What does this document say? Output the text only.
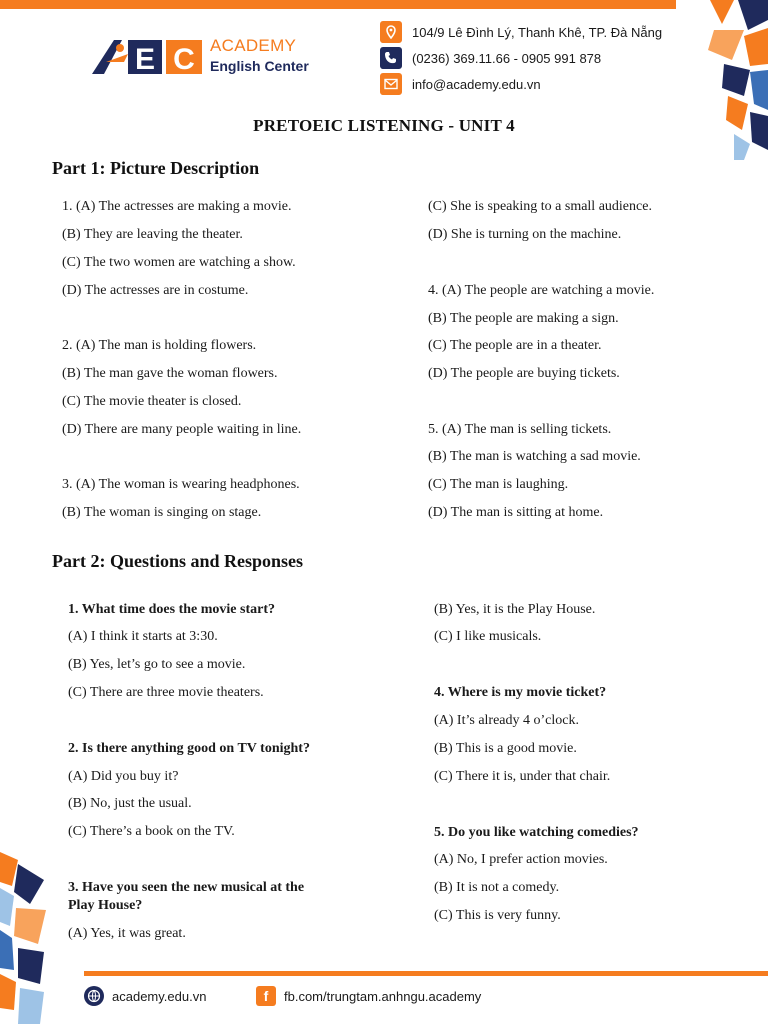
E C ACADEMY
English Center
104/9 Lê Đình Lý, Thanh Khê, TP. Đà Nẵng
(0236) 369.11.66 - 0905 991 878
info@academy.edu.vn
PRETOEIC LISTENING - UNIT 4
Part 1: Picture Description
1. (A) The actresses are making a movie.
(B) They are leaving the theater.
(C) The two women are watching a show.
(D) The actresses are in costume.
2. (A) The man is holding flowers.
(B) The man gave the woman flowers.
(C) The movie theater is closed.
(D) There are many people waiting in line.
3. (A) The woman is wearing headphones.
(B) The woman is singing on stage.
(C) She is speaking to a small audience.
(D) She is turning on the machine.
4. (A) The people are watching a movie.
(B) The people are making a sign.
(C) The people are in a theater.
(D) The people are buying tickets.
5. (A) The man is selling tickets.
(B) The man is watching a sad movie.
(C) The man is laughing.
(D) The man is sitting at home.
Part 2: Questions and Responses
1. What time does the movie start?
(A) I think it starts at 3:30.
(B) Yes, let’s go to see a movie.
(C) There are three movie theaters.
2. Is there anything good on TV tonight?
(A) Did you buy it?
(B) No, just the usual.
(C) There’s a book on the TV.
3. Have you seen the new musical at the
Play House?
(A) Yes, it was great.
(B) Yes, it is the Play House.
(C) I like musicals.
4. Where is my movie ticket?
(A) It’s already 4 o’clock.
(B) This is a good movie.
(C) There it is, under that chair.
5. Do you like watching comedies?
(A) No, I prefer action movies.
(B) It is not a comedy.
(C) This is very funny.
academy.edu.vn	f fb.com/trungtam.anhngu.academy
